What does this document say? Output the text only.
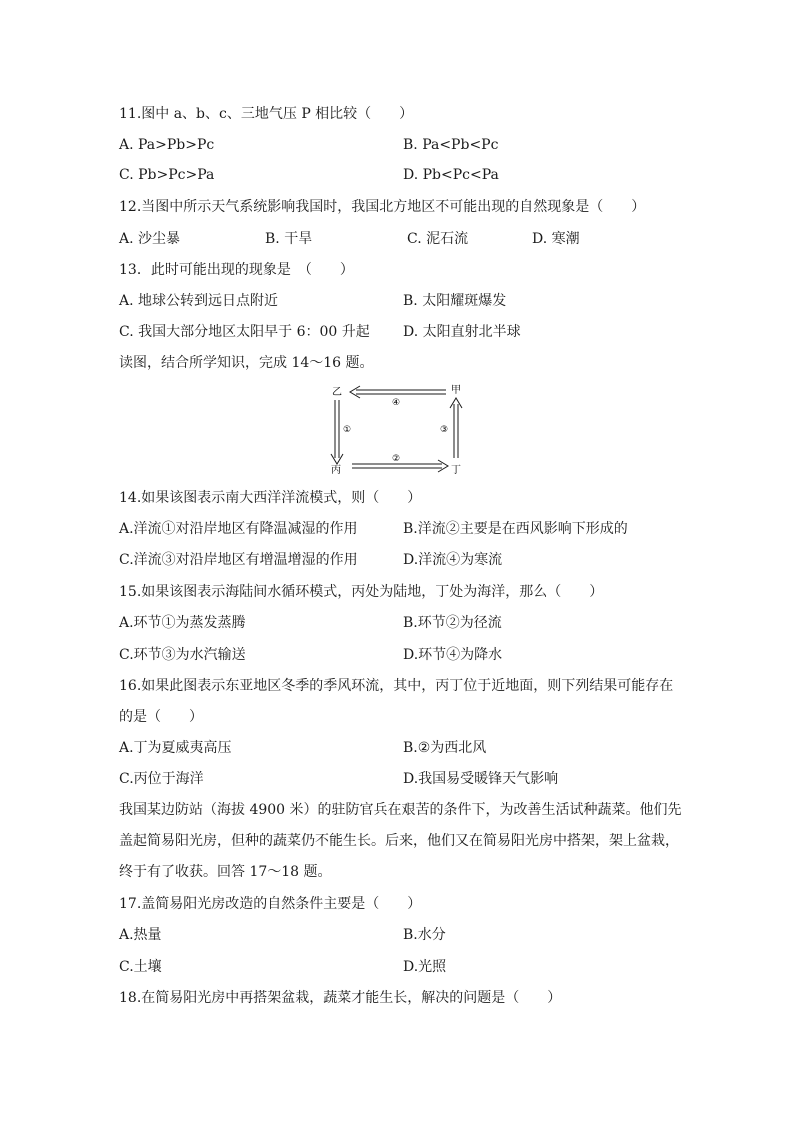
11.图中 a、b、c、三地气压 P 相比较（　　）
A. Pa>Pb>Pc	B. Pa<Pb<Pc
C. Pb>Pc>Pa	D. Pb<Pc<Pa
12.当图中所示天气系统影响我国时，我国北方地区不可能出现的自然现象是（　　）
A. 沙尘暴	B. 干旱	C. 泥石流	D. 寒潮
13．此时可能出现的现象是　（　　）
A. 地球公转到远日点附近	B. 太阳耀斑爆发
C. 我国大部分地区太阳早于 6：00 升起 D. 太阳直射北半球
读图，结合所学知识，完成 14～16 题。
乙	甲
丙	丁
①
②
③
④
14.如果该图表示南大西洋洋流模式，则（　　）
A.洋流①对沿岸地区有降温减湿的作用	B.洋流②主要是在西风影响下形成的
C.洋流③对沿岸地区有增温增湿的作用	D.洋流④为寒流
15.如果该图表示海陆间水循环模式，丙处为陆地，丁处为海洋，那么（　　）
A.环节①为蒸发蒸腾	B.环节②为径流
C.环节③为水汽输送	D.环节④为降水
16.如果此图表示东亚地区冬季的季风环流，其中，丙丁位于近地面，则下列结果可能存在
的是（　　）
A.丁为夏威夷高压	B.②为西北风
C.丙位于海洋	D.我国易受暖锋天气影响
我国某边防站（海拔 4900 米）的驻防官兵在艰苦的条件下，为改善生活试种蔬菜。他们先
盖起简易阳光房，但种的蔬菜仍不能生长。后来，他们又在简易阳光房中搭架，架上盆栽，
终于有了收获。回答 17～18 题。
17.盖简易阳光房改造的自然条件主要是（　　）
A.热量	B.水分
C.土壤	D.光照
18.在简易阳光房中再搭架盆栽，蔬菜才能生长，解决的问题是（　　）
